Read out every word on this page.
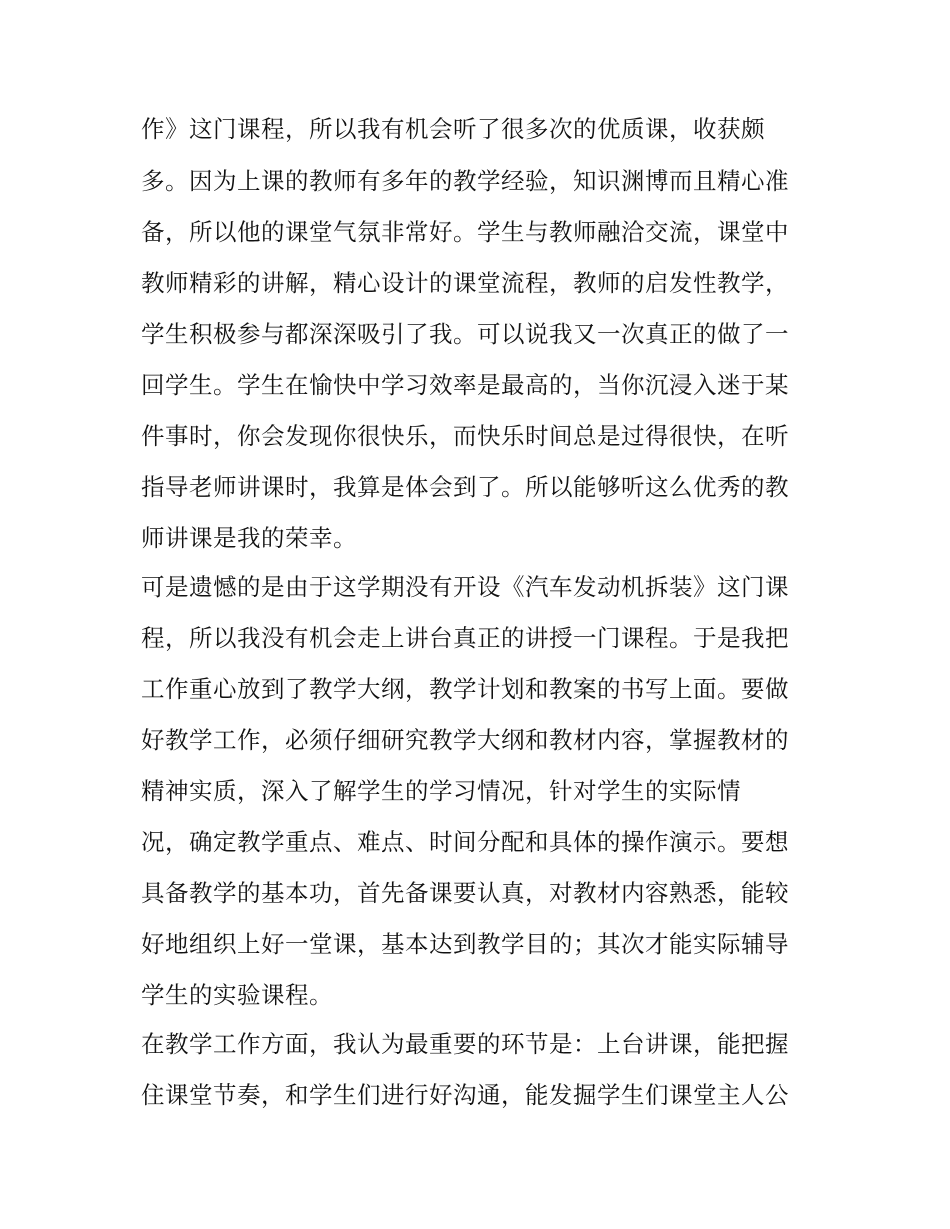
作》这门课程，所以我有机会听了很多次的优质课，收获颇
多。因为上课的教师有多年的教学经验，知识渊博而且精心准
备，所以他的课堂气氛非常好。学生与教师融洽交流，课堂中
教师精彩的讲解，精心设计的课堂流程，教师的启发性教学，
学生积极参与都深深吸引了我。可以说我又一次真正的做了一
回学生。学生在愉快中学习效率是最高的，当你沉浸入迷于某
件事时，你会发现你很快乐，而快乐时间总是过得很快，在听
指导老师讲课时，我算是体会到了。所以能够听这么优秀的教
师讲课是我的荣幸。
可是遗憾的是由于这学期没有开设《汽车发动机拆装》这门课
程，所以我没有机会走上讲台真正的讲授一门课程。于是我把
工作重心放到了教学大纲，教学计划和教案的书写上面。要做
好教学工作，必须仔细研究教学大纲和教材内容，掌握教材的
精神实质，深入了解学生的学习情况，针对学生的实际情
况，确定教学重点、难点、时间分配和具体的操作演示。要想
具备教学的基本功，首先备课要认真，对教材内容熟悉，能较
好地组织上好一堂课，基本达到教学目的；其次才能实际辅导
学生的实验课程。
在教学工作方面，我认为最重要的环节是：上台讲课，能把握
住课堂节奏，和学生们进行好沟通，能发掘学生们课堂主人公
